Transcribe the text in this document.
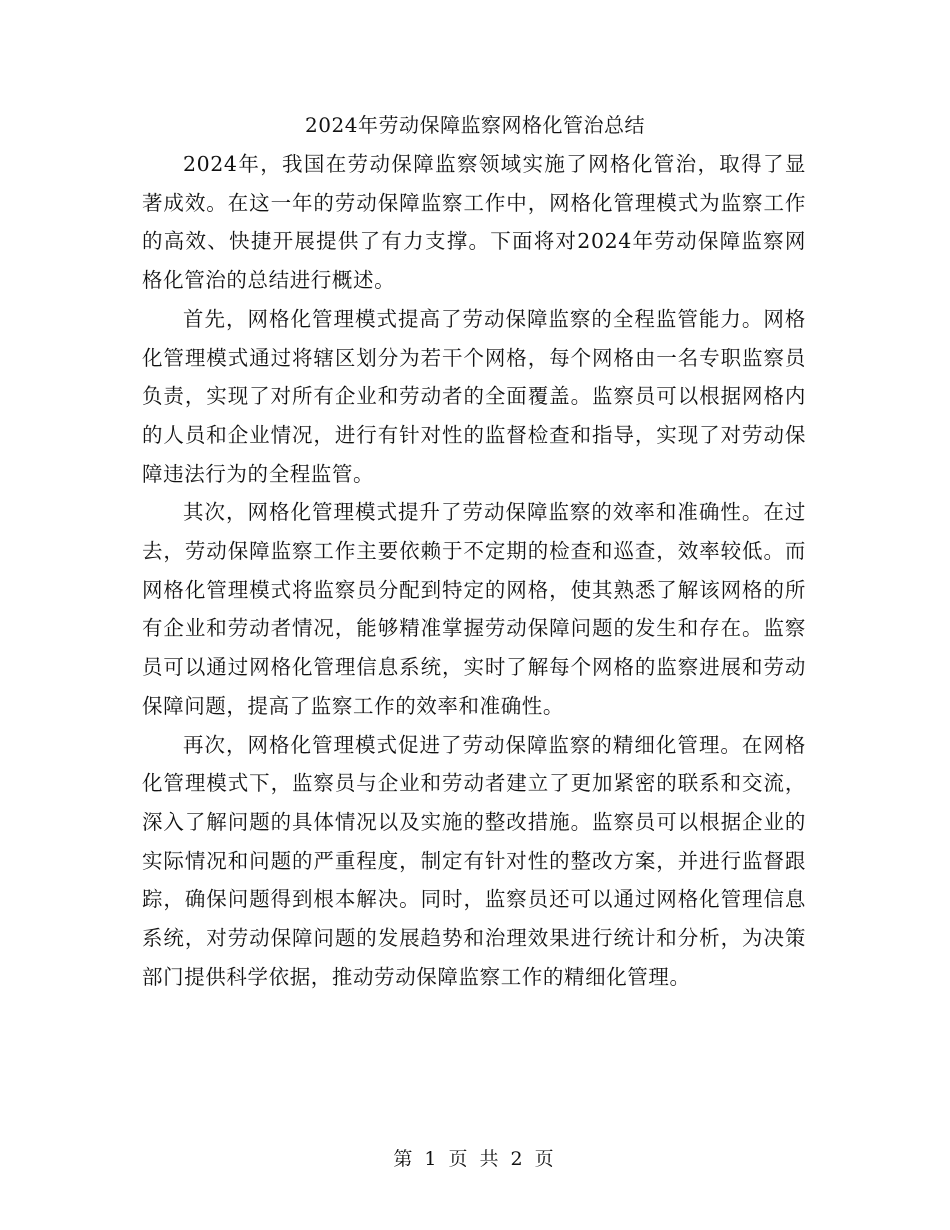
2024年劳动保障监察网格化管治总结

2024年，我国在劳动保障监察领域实施了网格化管治，取得了显著成效。在这一年的劳动保障监察工作中，网格化管理模式为监察工作的高效、快捷开展提供了有力支撑。下面将对2024年劳动保障监察网格化管治的总结进行概述。

首先，网格化管理模式提高了劳动保障监察的全程监管能力。网格化管理模式通过将辖区划分为若干个网格，每个网格由一名专职监察员负责，实现了对所有企业和劳动者的全面覆盖。监察员可以根据网格内的人员和企业情况，进行有针对性的监督检查和指导，实现了对劳动保障违法行为的全程监管。

其次，网格化管理模式提升了劳动保障监察的效率和准确性。在过去，劳动保障监察工作主要依赖于不定期的检查和巡查，效率较低。而网格化管理模式将监察员分配到特定的网格，使其熟悉了解该网格的所有企业和劳动者情况，能够精准掌握劳动保障问题的发生和存在。监察员可以通过网格化管理信息系统，实时了解每个网格的监察进展和劳动保障问题，提高了监察工作的效率和准确性。

再次，网格化管理模式促进了劳动保障监察的精细化管理。在网格化管理模式下，监察员与企业和劳动者建立了更加紧密的联系和交流，深入了解问题的具体情况以及实施的整改措施。监察员可以根据企业的实际情况和问题的严重程度，制定有针对性的整改方案，并进行监督跟踪，确保问题得到根本解决。同时，监察员还可以通过网格化管理信息系统，对劳动保障问题的发展趋势和治理效果进行统计和分析，为决策部门提供科学依据，推动劳动保障监察工作的精细化管理。

第 1 页 共 2 页
